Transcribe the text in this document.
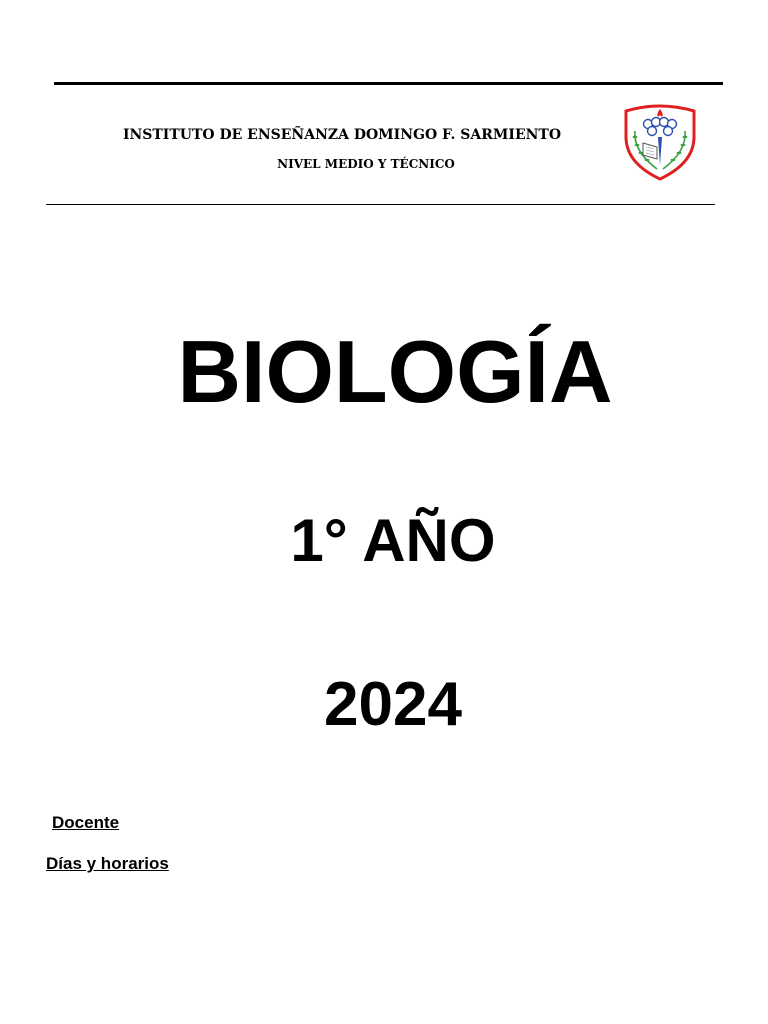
INSTITUTO DE ENSEÑANZA DOMINGO F. SARMIENTO
NIVEL MEDIO Y TÉCNICO
BIOLOGÍA
1° AÑO
2024
Docente
Días y horarios
